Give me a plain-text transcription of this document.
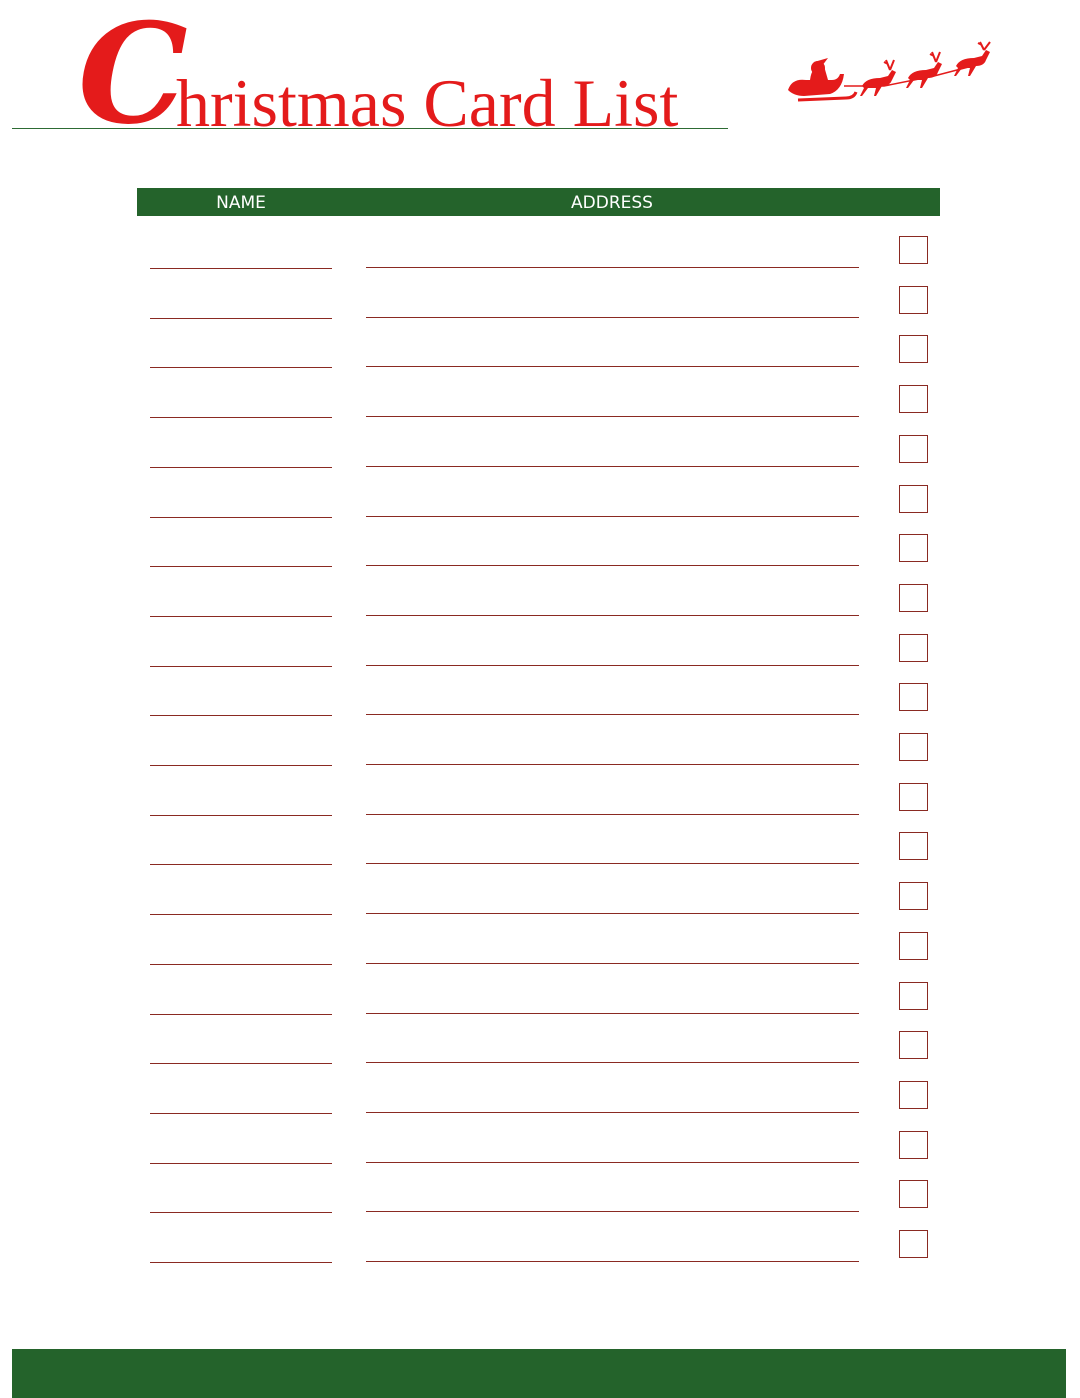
C
hristmas Card List
NAME	ADDRESS
